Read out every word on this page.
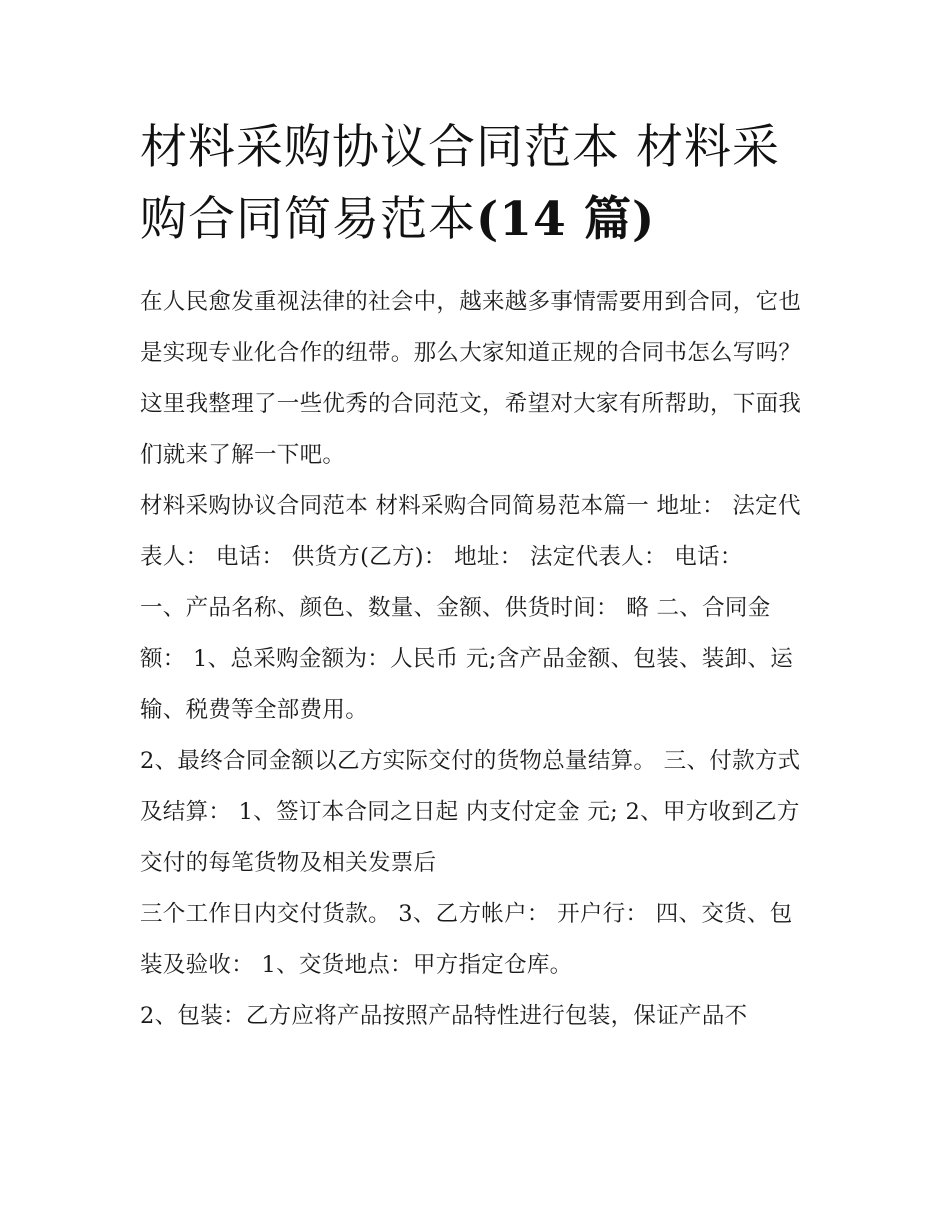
材料采购协议合同范本 材料采购合同简易范本(14 篇)

在人民愈发重视法律的社会中，越来越多事情需要用到合同，它也是实现专业化合作的纽带。那么大家知道正规的合同书怎么写吗？这里我整理了一些优秀的合同范文，希望对大家有所帮助，下面我们就来了解一下吧。

材料采购协议合同范本 材料采购合同简易范本篇一 地址： 法定代表人： 电话： 供货方(乙方)： 地址： 法定代表人： 电话：

一、产品名称、颜色、数量、金额、供货时间： 略 二、合同金额： 1、总采购金额为：人民币 元;含产品金额、包装、装卸、运输、税费等全部费用。

2、最终合同金额以乙方实际交付的货物总量结算。 三、付款方式及结算： 1、签订本合同之日起 内支付定金 元; 2、甲方收到乙方交付的每笔货物及相关发票后

三个工作日内交付货款。 3、乙方帐户： 开户行： 四、交货、包装及验收： 1、交货地点：甲方指定仓库。

2、包装：乙方应将产品按照产品特性进行包装，保证产品不
